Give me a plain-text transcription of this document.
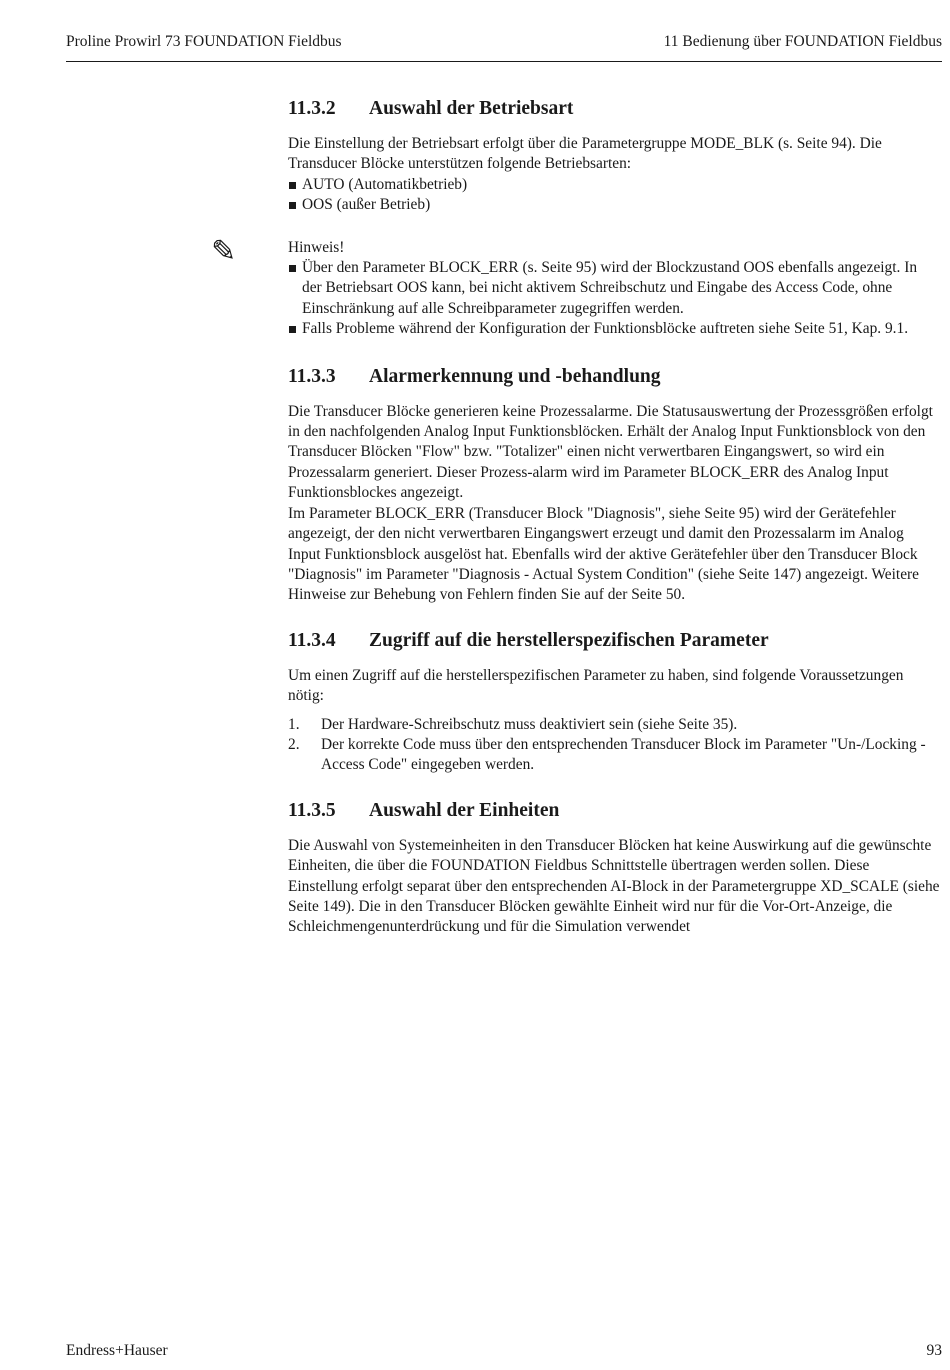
Proline Prowirl 73 FOUNDATION Fieldbus	11 Bedienung über FOUNDATION Fieldbus
11.3.2 Auswahl der Betriebsart

Die Einstellung der Betriebsart erfolgt über die Parametergruppe MODE_BLK (s. Seite 94). Die Transducer Blöcke unterstützen folgende Betriebsarten:

AUTO (Automatikbetrieb)
OOS (außer Betrieb)
✎	Hinweis!

Über den Parameter BLOCK_ERR (s. Seite 95) wird der Blockzustand OOS ebenfalls angezeigt. In der Betriebsart OOS kann, bei nicht aktivem Schreibschutz und Eingabe des Access Code, ohne Einschränkung auf alle Schreibparameter zugegriffen werden.
Falls Probleme während der Konfiguration der Funktionsblöcke auftreten siehe Seite 51, Kap. 9.1.
11.3.3 Alarmerkennung und -behandlung

Die Transducer Blöcke generieren keine Prozessalarme. Die Statusauswertung der Prozessgrößen erfolgt in den nachfolgenden Analog Input Funktionsblöcken. Erhält der Analog Input Funktionsblock von den Transducer Blöcken "Flow" bzw. "Totalizer" einen nicht verwertbaren Eingangswert, so wird ein Prozessalarm generiert. Dieser Prozess-alarm wird im Parameter BLOCK_ERR des Analog Input Funktionsblockes angezeigt.

Im Parameter BLOCK_ERR (Transducer Block "Diagnosis", siehe Seite 95) wird der Gerätefehler angezeigt, der den nicht verwertbaren Eingangswert erzeugt und damit den Prozessalarm im Analog Input Funktionsblock ausgelöst hat. Ebenfalls wird der aktive Gerätefehler über den Transducer Block "Diagnosis" im Parameter "Diagnosis - Actual System Condition" (siehe Seite 147) angezeigt. Weitere Hinweise zur Behebung von Fehlern finden Sie auf der Seite 50.

11.3.4 Zugriff auf die herstellerspezifischen Parameter

Um einen Zugriff auf die herstellerspezifischen Parameter zu haben, sind folgende Voraussetzungen nötig:

1. Der Hardware-Schreibschutz muss deaktiviert sein (siehe Seite 35).
2. Der korrekte Code muss über den entsprechenden Transducer Block im Parameter "Un-/Locking - Access Code" eingegeben werden.
11.3.5 Auswahl der Einheiten

Die Auswahl von Systemeinheiten in den Transducer Blöcken hat keine Auswirkung auf die gewünschte Einheiten, die über die FOUNDATION Fieldbus Schnittstelle übertragen werden sollen. Diese Einstellung erfolgt separat über den entsprechenden AI-Block in der Parametergruppe XD_SCALE (siehe Seite 149). Die in den Transducer Blöcken gewählte Einheit wird nur für die Vor-Ort-Anzeige, die Schleichmengenunterdrückung und für die Simulation verwendet

Endress+Hauser	93
